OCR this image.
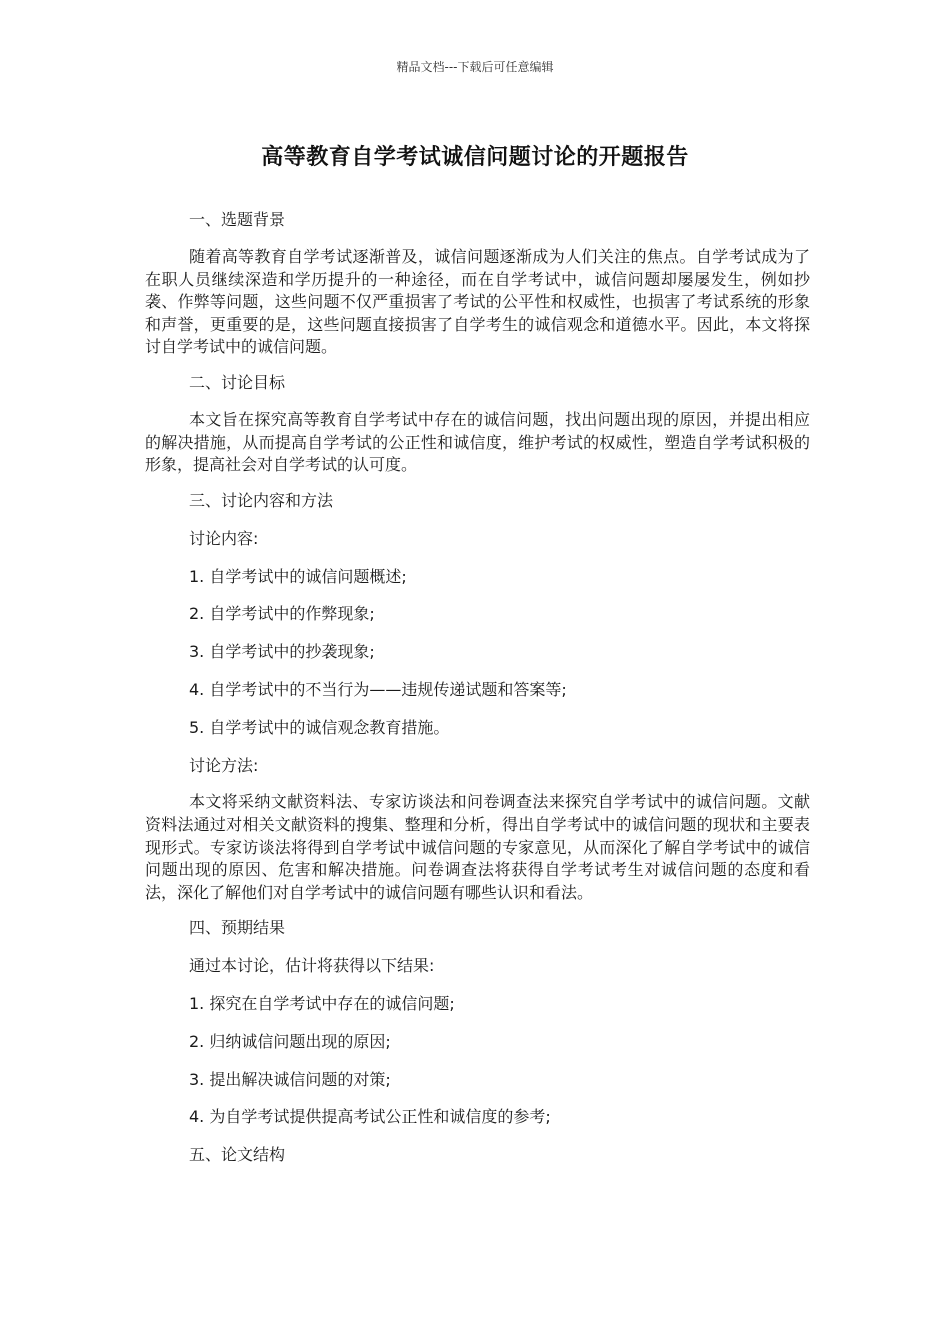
精品文档---下载后可任意编辑
高等教育自学考试诚信问题讨论的开题报告
一、选题背景
随着高等教育自学考试逐渐普及，诚信问题逐渐成为人们关注的焦点。自学考试成为了在职人员继续深造和学历提升的一种途径，而在自学考试中，诚信问题却屡屡发生，例如抄袭、作弊等问题，这些问题不仅严重损害了考试的公平性和权威性，也损害了考试系统的形象和声誉，更重要的是，这些问题直接损害了自学考生的诚信观念和道德水平。因此，本文将探讨自学考试中的诚信问题。
二、讨论目标
本文旨在探究高等教育自学考试中存在的诚信问题，找出问题出现的原因，并提出相应的解决措施，从而提高自学考试的公正性和诚信度，维护考试的权威性，塑造自学考试积极的形象，提高社会对自学考试的认可度。
三、讨论内容和方法
讨论内容:
1. 自学考试中的诚信问题概述;
2. 自学考试中的作弊现象;
3. 自学考试中的抄袭现象;
4. 自学考试中的不当行为——违规传递试题和答案等;
5. 自学考试中的诚信观念教育措施。
讨论方法:
本文将采纳文献资料法、专家访谈法和问卷调查法来探究自学考试中的诚信问题。文献资料法通过对相关文献资料的搜集、整理和分析，得出自学考试中的诚信问题的现状和主要表现形式。专家访谈法将得到自学考试中诚信问题的专家意见，从而深化了解自学考试中的诚信问题出现的原因、危害和解决措施。问卷调查法将获得自学考试考生对诚信问题的态度和看法，深化了解他们对自学考试中的诚信问题有哪些认识和看法。
四、预期结果
通过本讨论，估计将获得以下结果:
1. 探究在自学考试中存在的诚信问题;
2. 归纳诚信问题出现的原因;
3. 提出解决诚信问题的对策;
4. 为自学考试提供提高考试公正性和诚信度的参考;
五、论文结构
